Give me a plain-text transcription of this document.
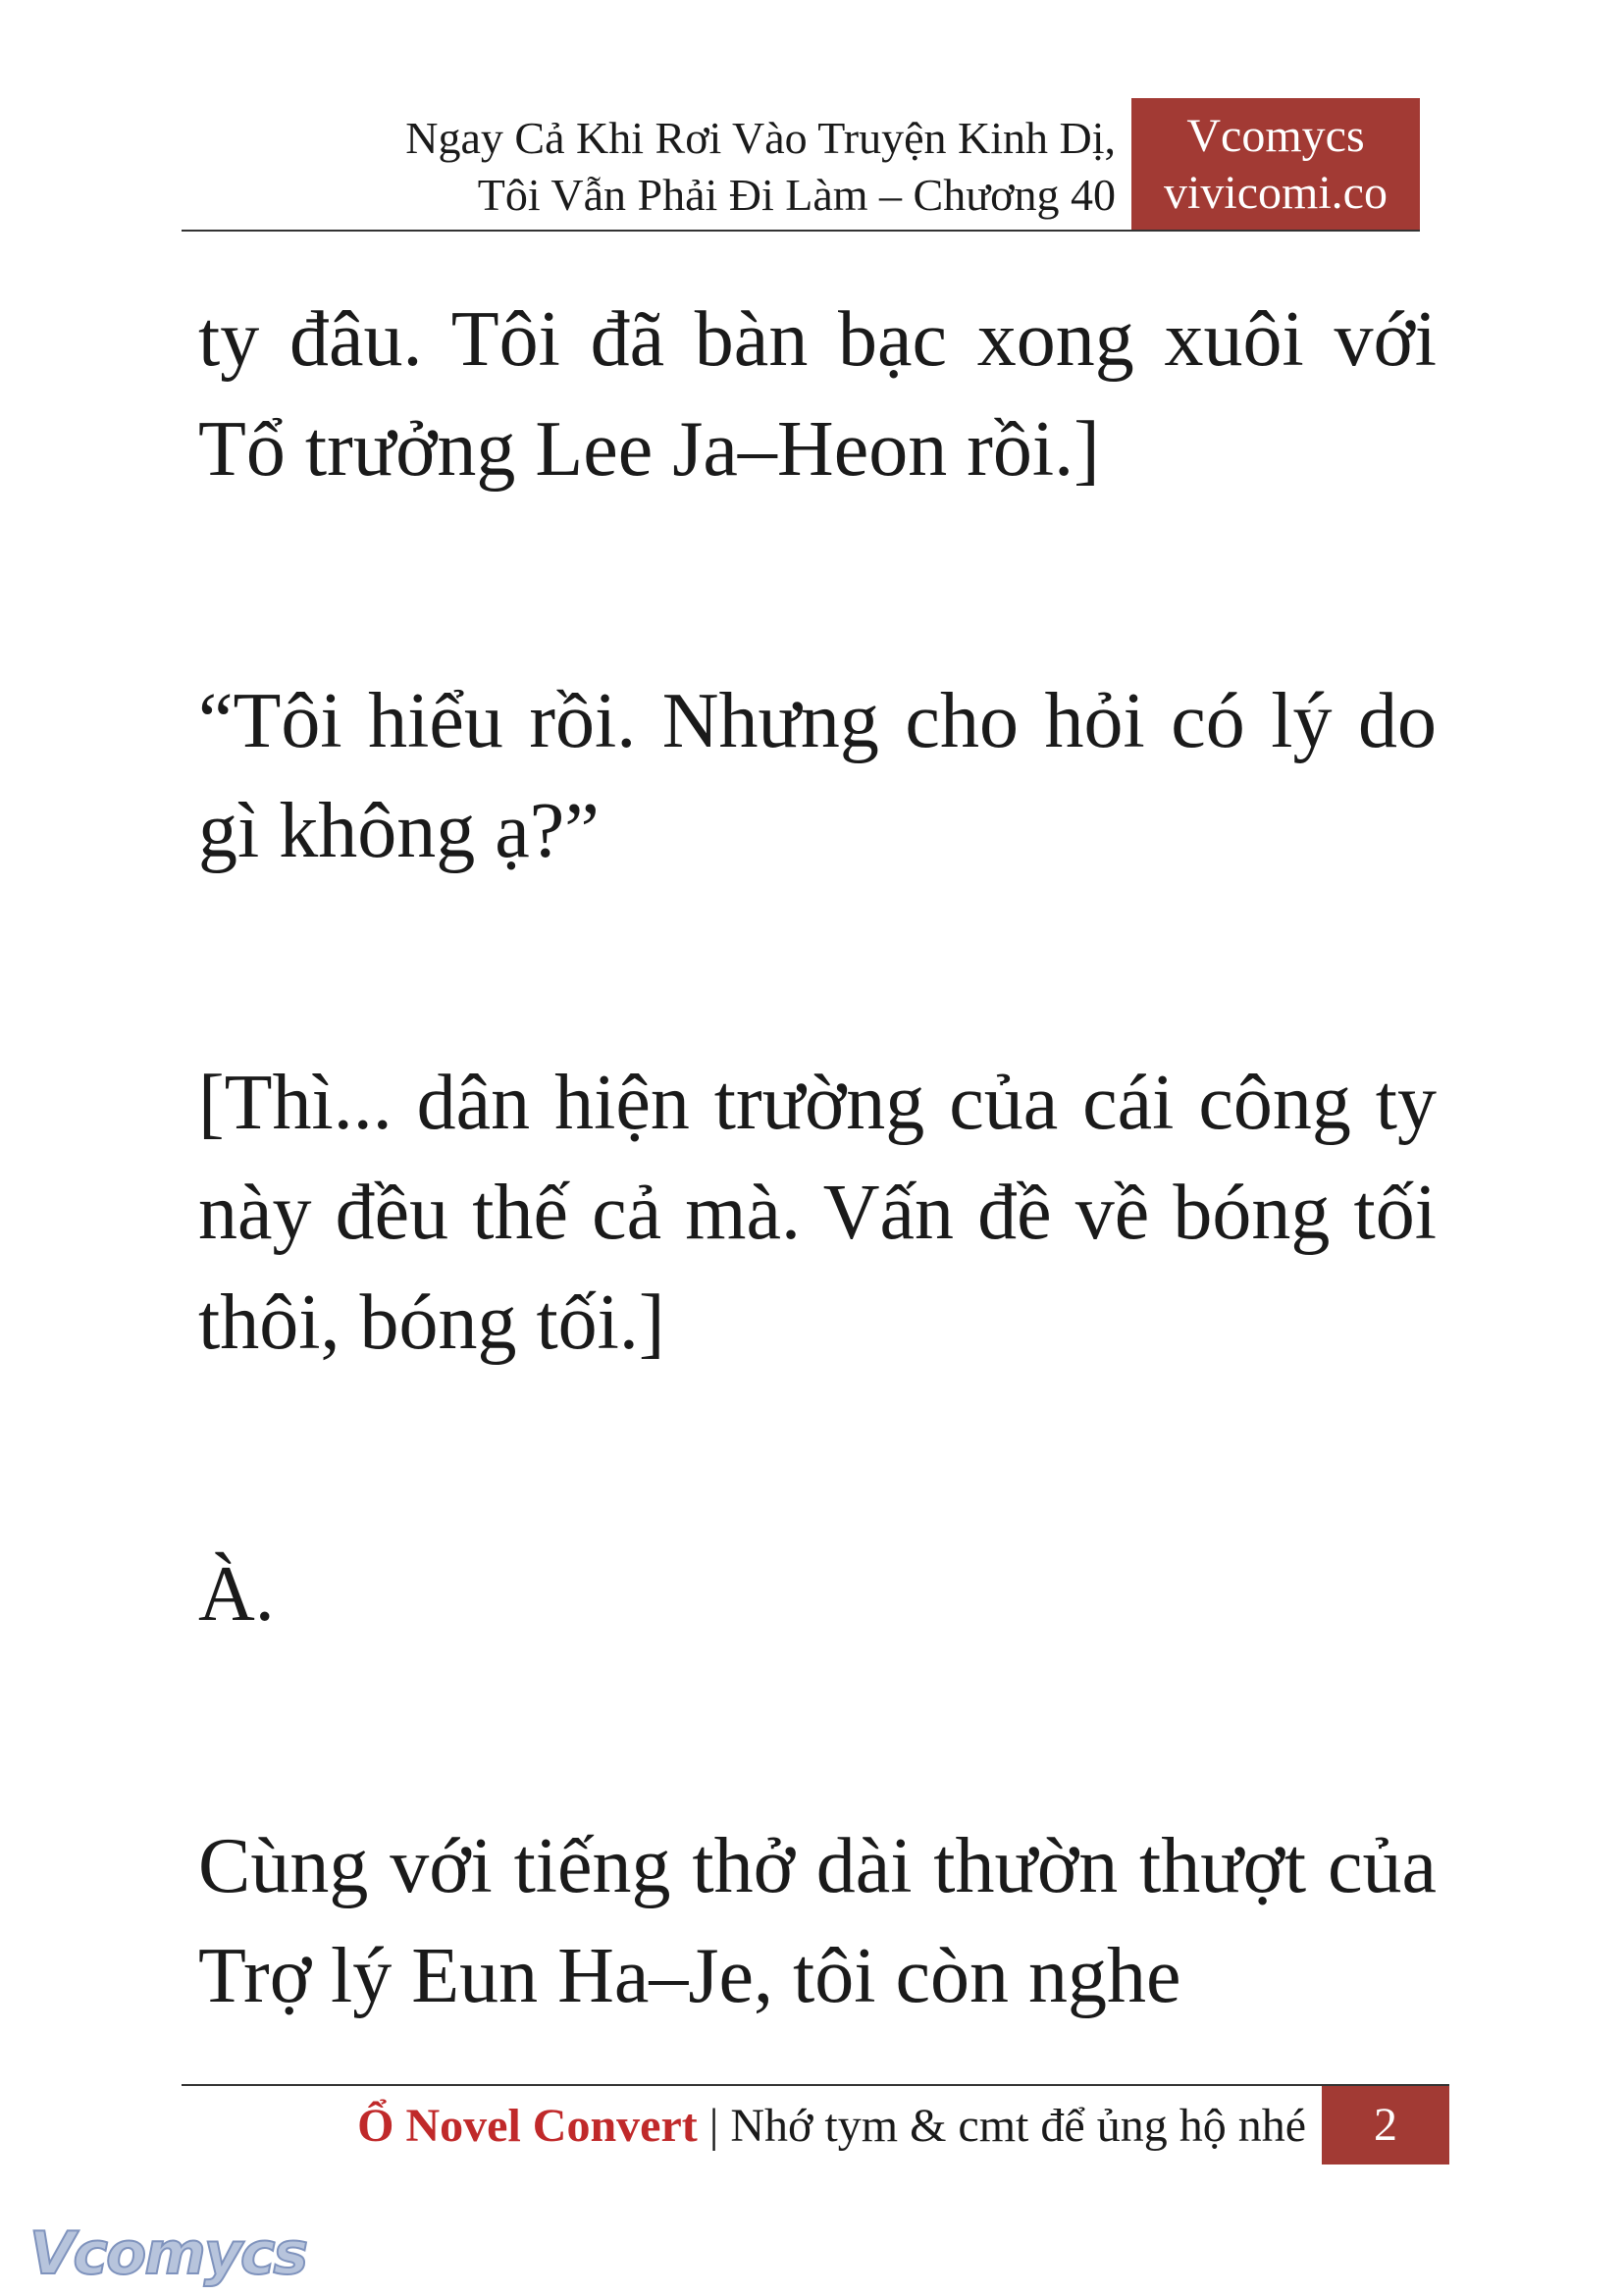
Ngay Cả Khi Rơi Vào Truyện Kinh Dị,
Tôi Vẫn Phải Đi Làm – Chương 40
Vcomycs
vivicomi.co

ty đâu. Tôi đã bàn bạc xong xuôi với Tổ trưởng Lee Ja–Heon rồi.]

“Tôi hiểu rồi. Nhưng cho hỏi có lý do gì không ạ?”

[Thì... dân hiện trường của cái công ty này đều thế cả mà. Vấn đề về bóng tối thôi, bóng tối.]

À.

Cùng với tiếng thở dài thườn thượt của Trợ lý Eun Ha–Je, tôi còn nghe

Ổ Novel Convert | Nhớ tym & cmt để ủng hộ nhé	2
Vcomycs
